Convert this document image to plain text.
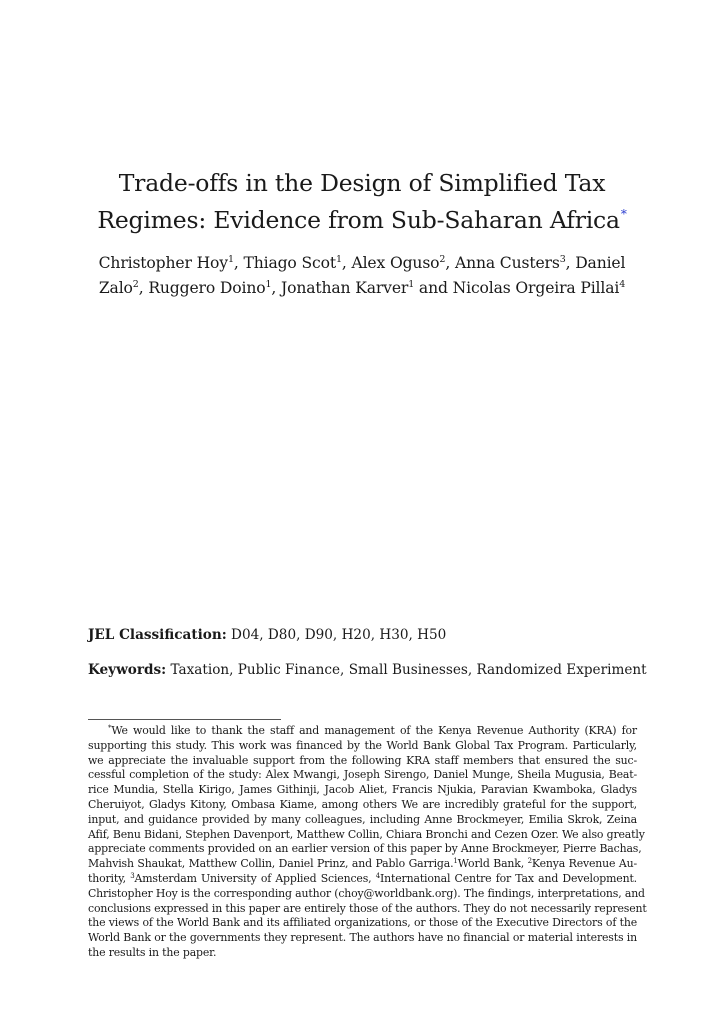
Trade-offs in the Design of Simplified Tax
Regimes: Evidence from Sub-Saharan Africa*
Christopher Hoy$^1$, Thiago Scot$^1$, Alex Oguso$^2$, Anna Custers$^3$, Daniel
Zalo$^2$, Ruggero Doino$^1$, Jonathan Karver$^1$ and Nicolas Orgeira Pillai$^4$
JEL Classification: D04, D80, D90, H20, H30, H50
Keywords: Taxation, Public Finance, Small Businesses, Randomized Experiment
*We would like to thank the staff and management of the Kenya Revenue Authority (KRA) for
supporting this study. This work was financed by the World Bank Global Tax Program. Particularly,
we appreciate the invaluable support from the following KRA staff members that ensured the suc-
cessful completion of the study: Alex Mwangi, Joseph Sirengo, Daniel Munge, Sheila Mugusia, Beat-
rice Mundia, Stella Kirigo, James Githinji, Jacob Aliet, Francis Njukia, Paravian Kwamboka, Gladys
Cheruiyot, Gladys Kitony, Ombasa Kiame, among others We are incredibly grateful for the support,
input, and guidance provided by many colleagues, including Anne Brockmeyer, Emilia Skrok, Zeina
Afif, Benu Bidani, Stephen Davenport, Matthew Collin, Chiara Bronchi and Cezen Ozer. We also greatly
appreciate comments provided on an earlier version of this paper by Anne Brockmeyer, Pierre Bachas,
Mahvish Shaukat, Matthew Collin, Daniel Prinz, and Pablo Garriga.$^1$World Bank, $^2$Kenya Revenue Au-
thority, $^3$Amsterdam University of Applied Sciences, $^4$International Centre for Tax and Development.
Christopher Hoy is the corresponding author (choy@worldbank.org). The findings, interpretations, and
conclusions expressed in this paper are entirely those of the authors. They do not necessarily represent
the views of the World Bank and its affiliated organizations, or those of the Executive Directors of the
World Bank or the governments they represent. The authors have no financial or material interests in
the results in the paper.
